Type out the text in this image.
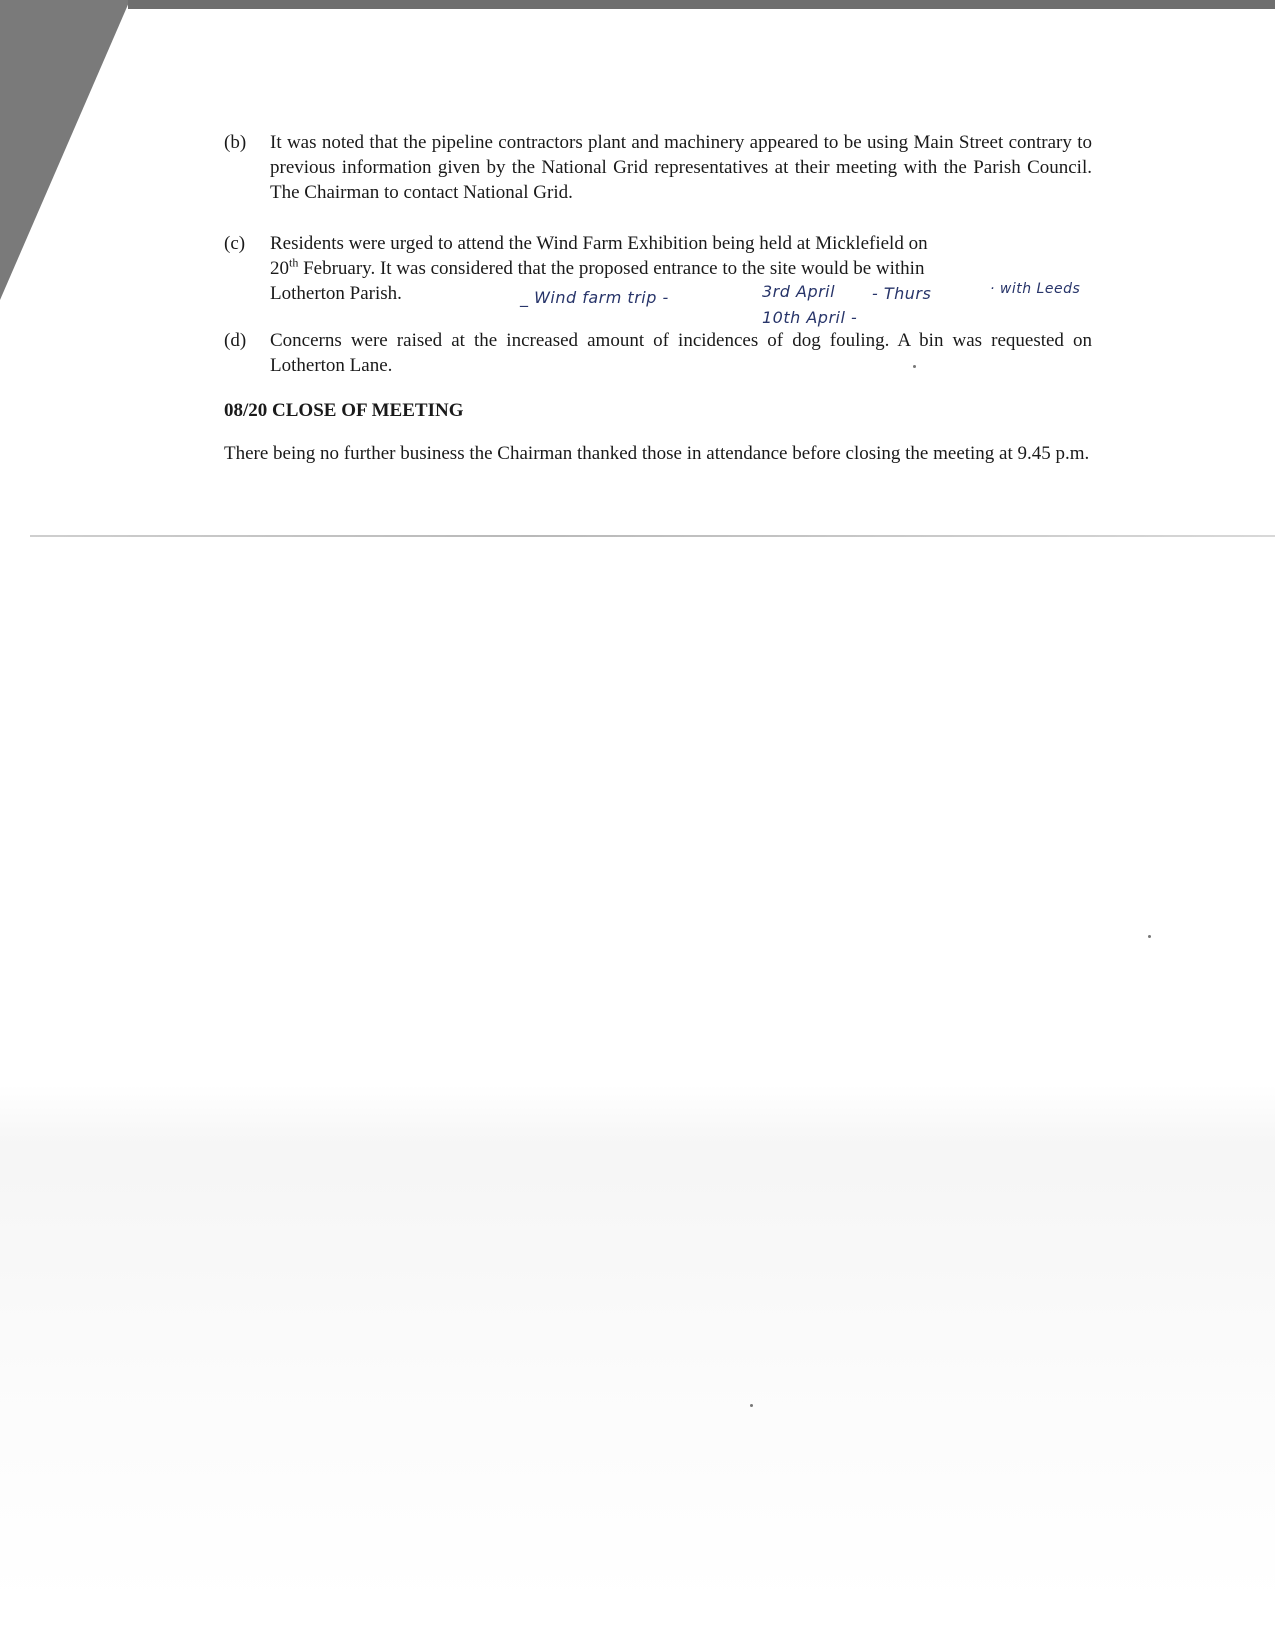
(b) It was noted that the pipeline contractors plant and machinery appeared to be using Main Street contrary to previous information given by the National Grid representatives at their meeting with the Parish Council. The Chairman to contact National Grid.
(c) Residents were urged to attend the Wind Farm Exhibition being held at Micklefield on
20th February. It was considered that the proposed entrance to the site would be within
Lotherton Parish.	_ Wind farm trip -	3rd April - Thurs	· with Leeds
10th April -
(d) Concerns were raised at the increased amount of incidences of dog fouling. A bin was requested on Lotherton Lane.
08/20 CLOSE OF MEETING
There being no further business the Chairman thanked those in attendance before closing the meeting at 9.45 p.m.
